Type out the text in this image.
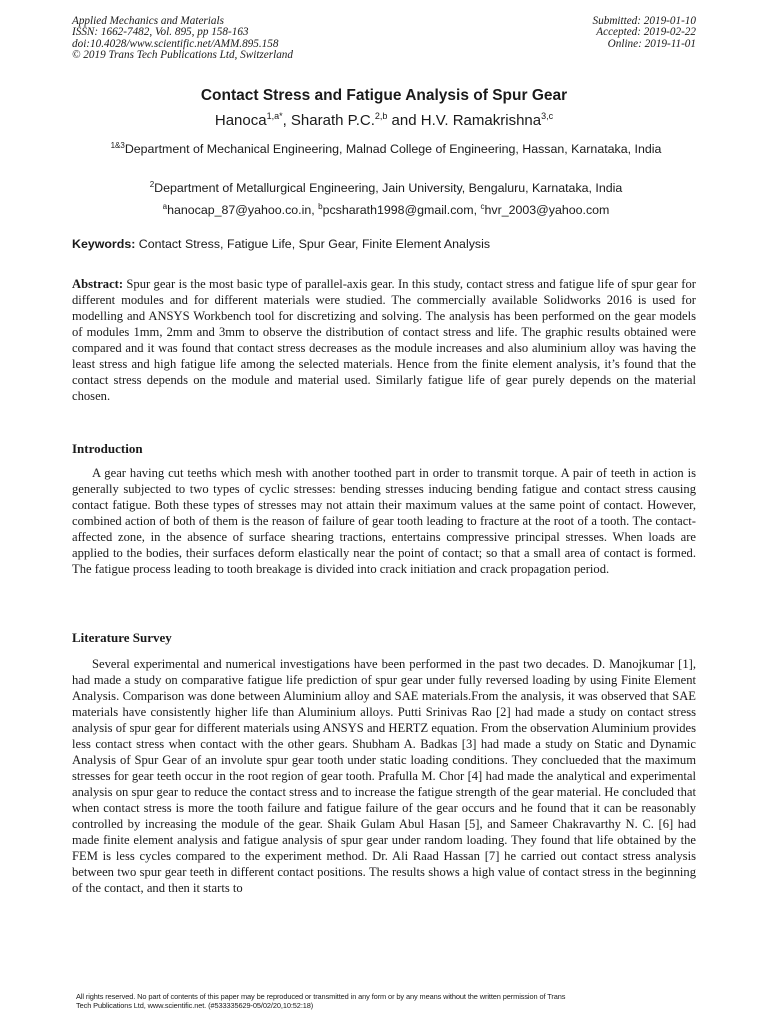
Applied Mechanics and Materials
ISSN: 1662-7482, Vol. 895, pp 158-163
doi:10.4028/www.scientific.net/AMM.895.158
© 2019 Trans Tech Publications Ltd, Switzerland
Submitted: 2019-01-10
Accepted: 2019-02-22
Online: 2019-11-01
Contact Stress and Fatigue Analysis of Spur Gear
Hanoca$^{1,a*}$, Sharath P.C.$^{2,b}$ and H.V. Ramakrishna$^{3,c}$
$^{1\&3}$Department of Mechanical Engineering, Malnad College of Engineering, Hassan, Karnataka, India
$^2$Department of Metallurgical Engineering, Jain University, Bengaluru, Karnataka, India
$^a$hanocap_87@yahoo.co.in, $^b$pcsharath1998@gmail.com, $^c$hvr_2003@yahoo.com
Keywords: Contact Stress, Fatigue Life, Spur Gear, Finite Element Analysis
Abstract: Spur gear is the most basic type of parallel-axis gear. In this study, contact stress and fatigue life of spur gear for different modules and for different materials were studied. The commercially available Solidworks 2016 is used for modelling and ANSYS Workbench tool for discretizing and solving. The analysis has been performed on the gear models of modules 1mm, 2mm and 3mm to observe the distribution of contact stress and life. The graphic results obtained were compared and it was found that contact stress decreases as the module increases and also aluminium alloy was having the least stress and high fatigue life among the selected materials. Hence from the finite element analysis, it’s found that the contact stress depends on the module and material used. Similarly fatigue life of gear purely depends on the material chosen.
Introduction
A gear having cut teeths which mesh with another toothed part in order to transmit torque. A pair of teeth in action is generally subjected to two types of cyclic stresses: bending stresses inducing bending fatigue and contact stress causing contact fatigue. Both these types of stresses may not attain their maximum values at the same point of contact. However, combined action of both of them is the reason of failure of gear tooth leading to fracture at the root of a tooth. The contact-affected zone, in the absence of surface shearing tractions, entertains compressive principal stresses. When loads are applied to the bodies, their surfaces deform elastically near the point of contact; so that a small area of contact is formed. The fatigue process leading to tooth breakage is divided into crack initiation and crack propagation period.
Literature Survey
Several experimental and numerical investigations have been performed in the past two decades. D. Manojkumar [1], had made a study on comparative fatigue life prediction of spur gear under fully reversed loading by using Finite Element Analysis. Comparison was done between Aluminium alloy and SAE materials.From the analysis, it was observed that SAE materials have consistently higher life than Aluminium alloys. Putti Srinivas Rao [2] had made a study on contact stress analysis of spur gear for different materials using ANSYS and HERTZ equation. From the observation Aluminium provides less contact stress when contact with the other gears. Shubham A. Badkas [3] had made a study on Static and Dynamic Analysis of Spur Gear of an involute spur gear tooth under static loading conditions. They conclueded that the maximum stresses for gear teeth occur in the root region of gear tooth. Prafulla M. Chor [4] had made the analytical and experimental analysis on spur gear to reduce the contact stress and to increase the fatigue strength of the gear material. He concluded that when contact stress is more the tooth failure and fatigue failure of the gear occurs and he found that it can be reasonably controlled by increasing the module of the gear. Shaik Gulam Abul Hasan [5], and Sameer Chakravarthy N. C. [6] had made finite element analysis and fatigue analysis of spur gear under random loading. They found that life obtained by the FEM is less cycles compared to the experiment method. Dr. Ali Raad Hassan [7] he carried out contact stress analysis between two spur gear teeth in different contact positions. The results shows a high value of contact stress in the beginning of the contact, and then it starts to
All rights reserved. No part of contents of this paper may be reproduced or transmitted in any form or by any means without the written permission of Trans
Tech Publications Ltd, www.scientific.net. (#533335629-05/02/20,10:52:18)
